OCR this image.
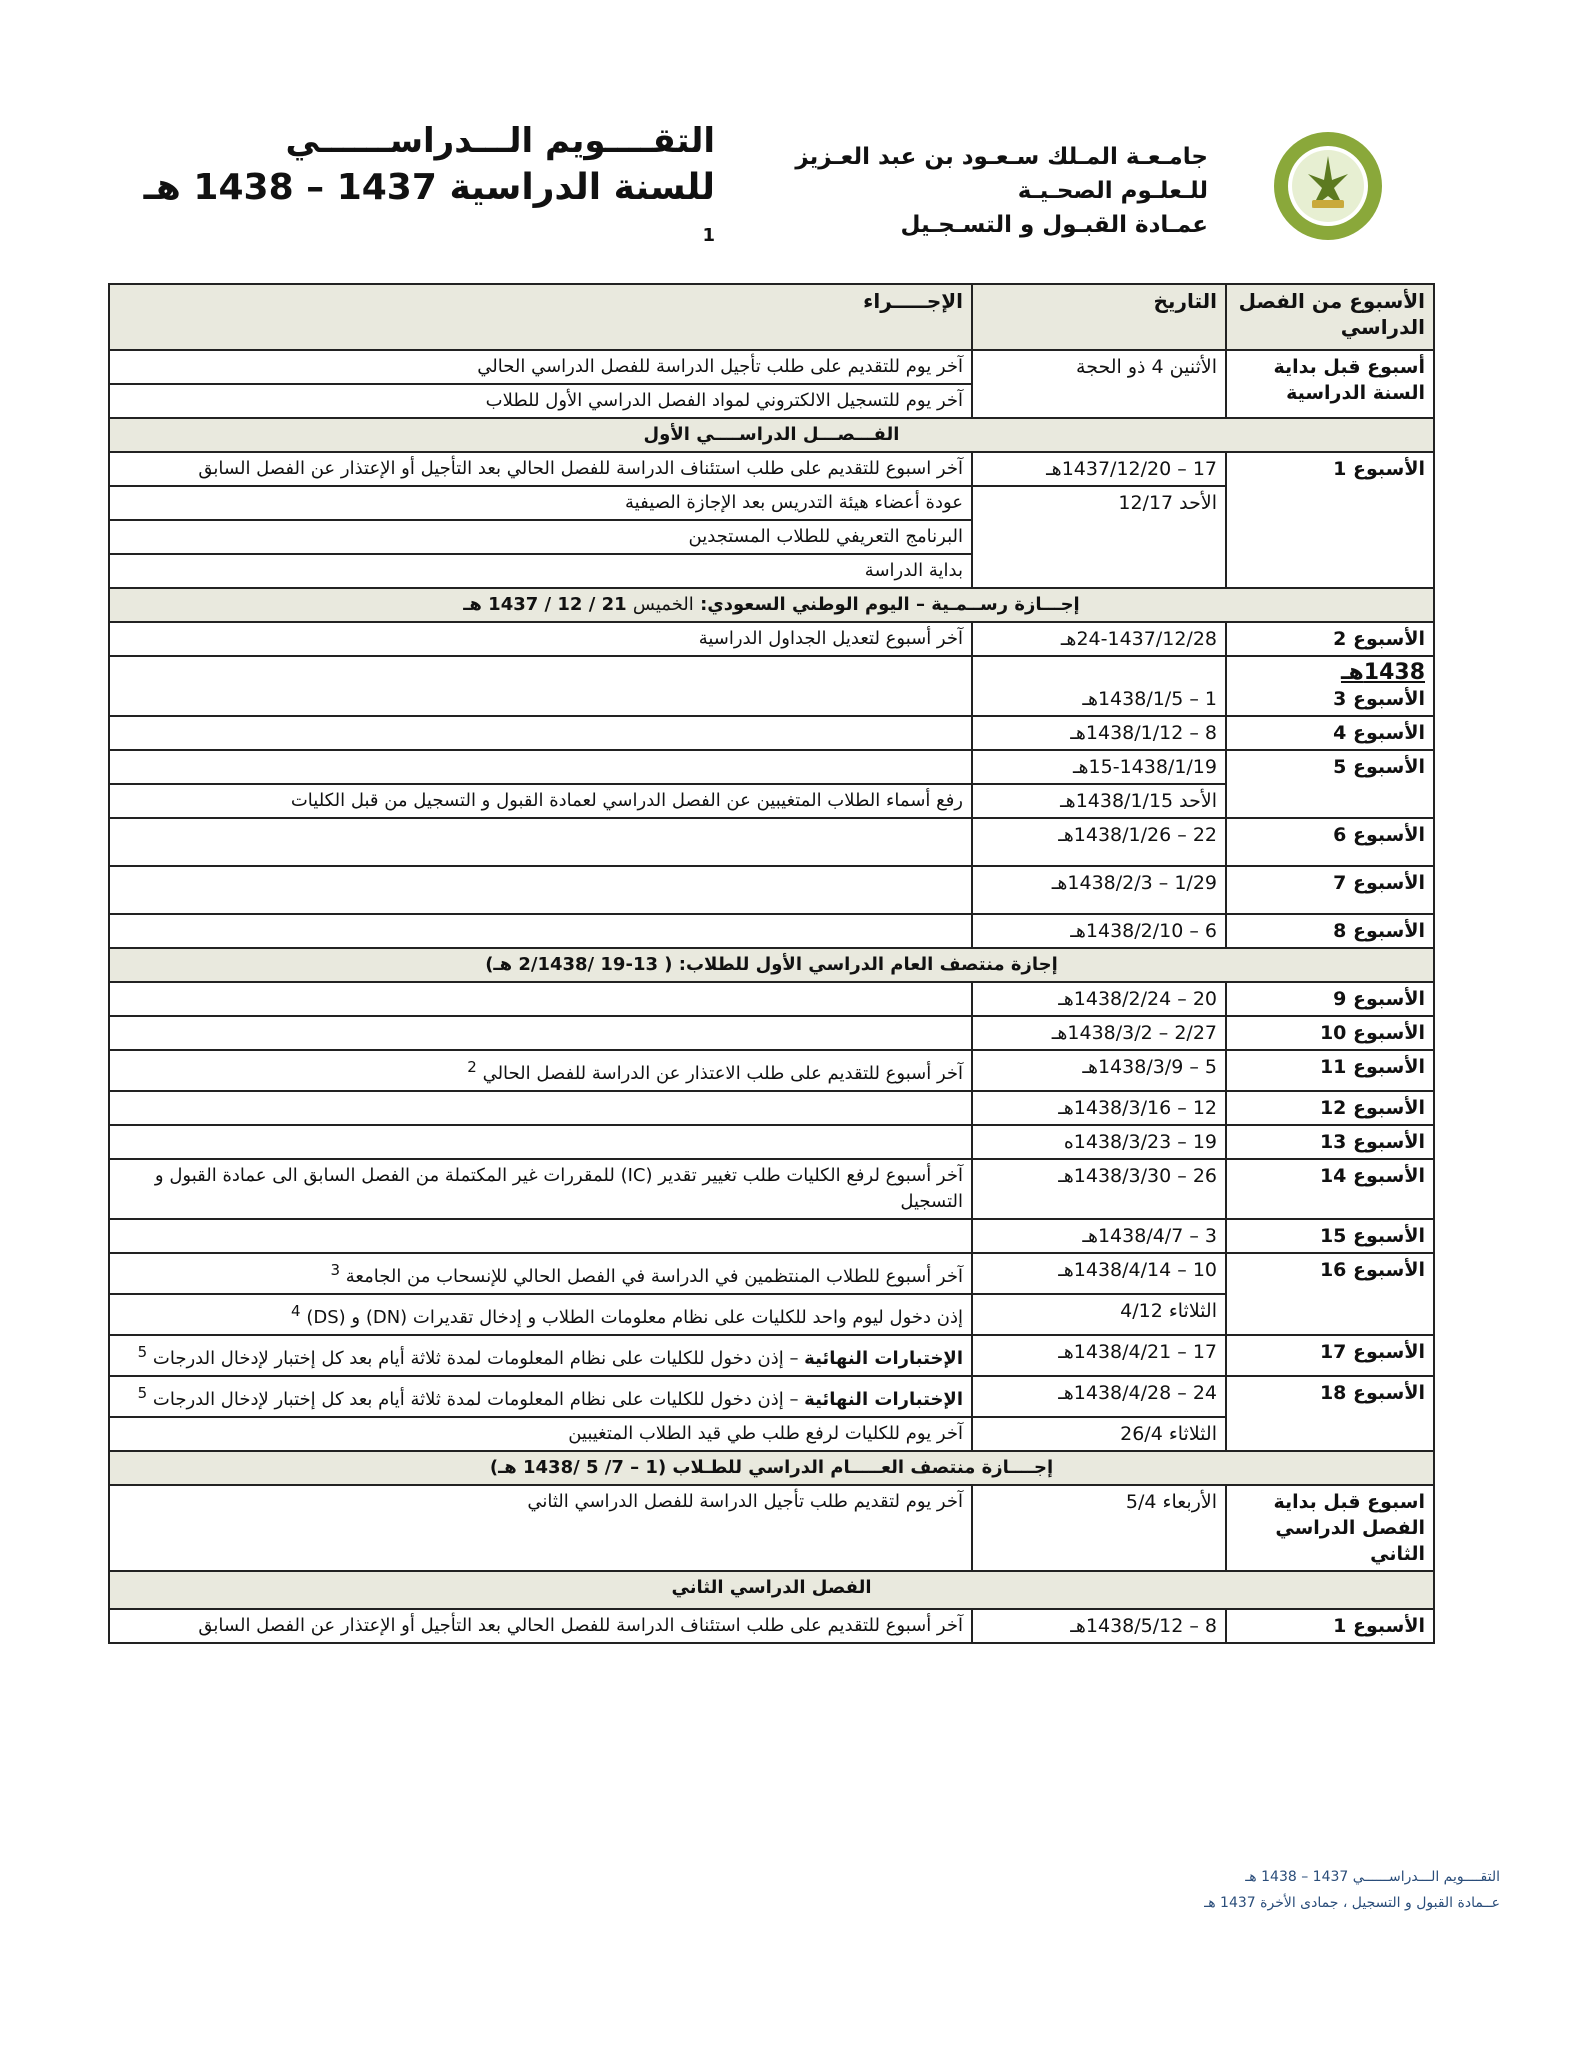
جامـعـة المـلك سـعـود بن عبد العـزيز
للـعلـوم الصحـيـة
عمـادة القبـول و التسـجـيل
التقــــويم الـــدراســــــي
للسنة الدراسية 1437 – 1438 هـ $^1$
الأسبوع من الفصل الدراسي	التاريخ	الإجـــــراء
أسبوع قبل بداية السنة الدراسية	الأثنين 4 ذو الحجة	آخر يوم للتقديم على طلب تأجيل الدراسة للفصل الدراسي الحالي
		آخر يوم للتسجيل الالكتروني لمواد الفصل الدراسي الأول للطلاب
الفـــصـــل الدراســــي الأول		
الأسبوع 1	17 – 1437/12/20هـ	آخر اسبوع للتقديم على طلب استئناف الدراسة للفصل الحالي بعد التأجيل أو الإعتذار عن الفصل السابق
	الأحد 12/17	عودة أعضاء هيئة التدريس بعد الإجازة الصيفية
		البرنامج التعريفي للطلاب المستجدين
		بداية الدراسة
إجـــازة رســمـية – اليوم الوطني السعودي: الخميس 21 / 12 / 1437 هـ		
الأسبوع 2	24-1437/12/28هـ	آخر أسبوع لتعديل الجداول الدراسية

1438هـ
الأسبوع 3	1 – 1438/1/5هـ	
الأسبوع 4	8 – 1438/1/12هـ	
الأسبوع 5	15-1438/1/19هـ	
	الأحد 1438/1/15هـ	رفع أسماء الطلاب المتغيبين عن الفصل الدراسي لعمادة القبول و التسجيل من قبل الكليات
الأسبوع 6	22 – 1438/1/26هـ	
الأسبوع 7	1/29 – 1438/2/3هـ	
الأسبوع 8	6 – 1438/2/10هـ	
إجازة منتصف العام الدراسي الأول للطلاب: ( 13-19 /2/1438 هـ)		
الأسبوع 9	20 – 1438/2/24هـ	
الأسبوع 10	2/27 – 1438/3/2هـ	
الأسبوع 11	5 – 1438/3/9هـ	آخر أسبوع للتقديم على طلب الاعتذار عن الدراسة للفصل الحالي $^2$
الأسبوع 12	12 – 1438/3/16هـ	
الأسبوع 13	19 – 1438/3/23ه	
الأسبوع 14	26 – 1438/3/30هـ	آخر أسبوع لرفع الكليات طلب تغيير تقدير (IC) للمقررات غير المكتملة من الفصل السابق الى عمادة القبول و التسجيل
الأسبوع 15	3 – 1438/4/7هـ	
الأسبوع 16	10 – 1438/4/14هـ	آخر أسبوع للطلاب المنتظمين في الدراسة في الفصل الحالي للإنسحاب من الجامعة $^3$
	الثلاثاء 4/12	إذن دخول ليوم واحد للكليات على نظام معلومات الطلاب و إدخال تقديرات (DN) و (DS) $^4$
الأسبوع 17	17 – 1438/4/21هـ	الإختبارات النهائية – إذن دخول للكليات على نظام المعلومات لمدة ثلاثة أيام بعد كل إختبار لإدخال الدرجات $^5$
الأسبوع 18	24 – 1438/4/28هـ	الإختبارات النهائية – إذن دخول للكليات على نظام المعلومات لمدة ثلاثة أيام بعد كل إختبار لإدخال الدرجات $^5$
	الثلاثاء 26/4	آخر يوم للكليات لرفع طلب طي قيد الطلاب المتغيبين
إجــــازة منتصف العـــــام الدراسي للطـلاب (1 – 7/ 5 /1438 هـ)		
اسبوع قبل بداية الفصل الدراسي الثاني	الأربعاء 5/4	آخر يوم لتقديم طلب تأجيل الدراسة للفصل الدراسي الثاني
الفصل الدراسي الثاني		
الأسبوع 1	8 – 1438/5/12هـ	آخر أسبوع للتقديم على طلب استئناف الدراسة للفصل الحالي بعد التأجيل أو الإعتذار عن الفصل السابق
التقــــويم الـــدراســــــي 1437 – 1438 هـ
عــمادة القبول و التسجيل ، جمادى الأخرة 1437 هـ
